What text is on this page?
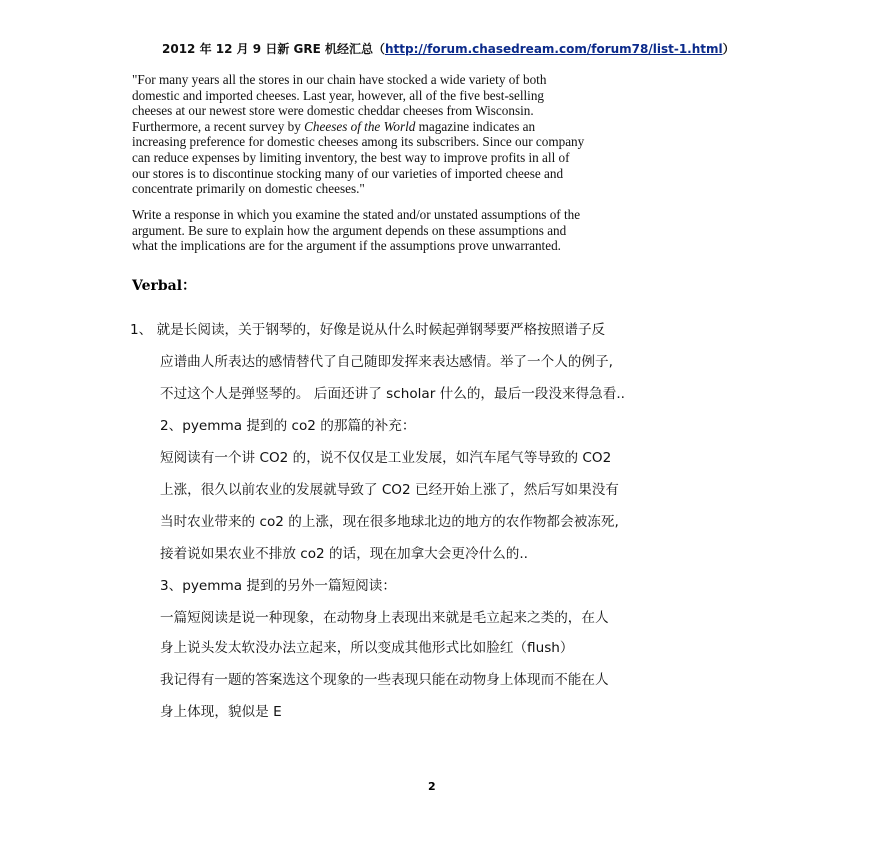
2012 年 12 月 9 日新 GRE 机经汇总（http://forum.chasedream.com/forum78/list-1.html）
"For many years all the stores in our chain have stocked a wide variety of both
domestic and imported cheeses. Last year, however, all of the five best-selling
cheeses at our newest store were domestic cheddar cheeses from Wisconsin.
Furthermore, a recent survey by Cheeses of the World magazine indicates an
increasing preference for domestic cheeses among its subscribers. Since our company
can reduce expenses by limiting inventory, the best way to improve profits in all of
our stores is to discontinue stocking many of our varieties of imported cheese and
concentrate primarily on domestic cheeses."
Write a response in which you examine the stated and/or unstated assumptions of the
argument. Be sure to explain how the argument depends on these assumptions and
what the implications are for the argument if the assumptions prove unwarranted.
Verbal：
1、 就是长阅读，关于钢琴的，好像是说从什么时候起弹钢琴要严格按照谱子反
应谱曲人所表达的感情替代了自己随即发挥来表达感情。举了一个人的例子,
不过这个人是弹竖琴的。 后面还讲了 scholar 什么的，最后一段没来得急看..
2、pyemma 提到的 co2 的那篇的补充：
短阅读有一个讲 CO2 的，说不仅仅是工业发展，如汽车尾气等导致的 CO2
上涨，很久以前农业的发展就导致了 CO2 已经开始上涨了，然后写如果没有
当时农业带来的 co2 的上涨，现在很多地球北边的地方的农作物都会被冻死,
接着说如果农业不排放 co2 的话，现在加拿大会更冷什么的..
3、pyemma 提到的另外一篇短阅读：
一篇短阅读是说一种现象，在动物身上表现出来就是毛立起来之类的，在人
身上说头发太软没办法立起来，所以变成其他形式比如脸红（flush）
我记得有一题的答案选这个现象的一些表现只能在动物身上体现而不能在人
身上体现，貌似是 E
2
